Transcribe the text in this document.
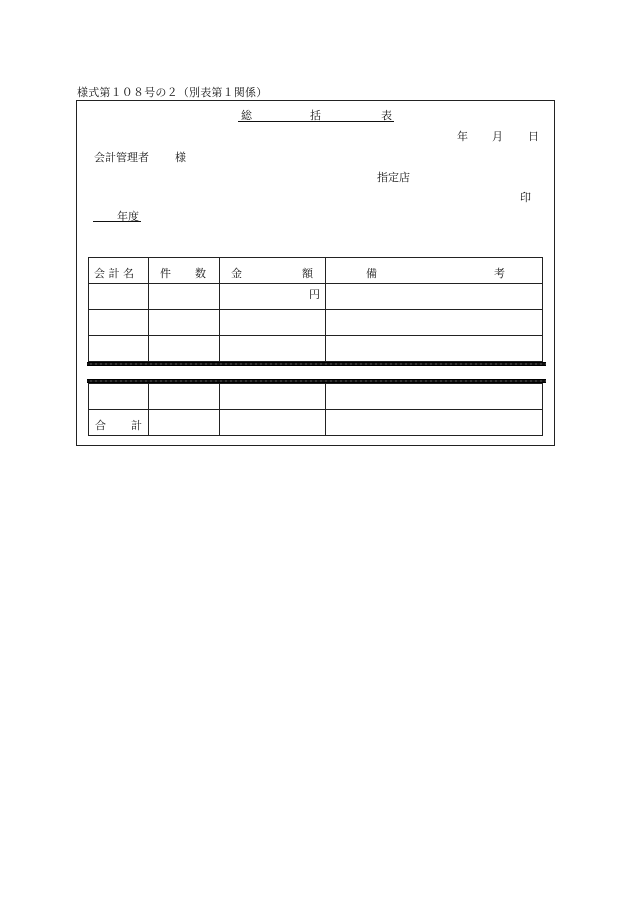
様式第１０８号の２（別表第１関係）
総	括	表
年 月 日
会計管理者 様
指定店
印
年度
会 計 名	件 数	金 額	備 考

		円	

合 計			
